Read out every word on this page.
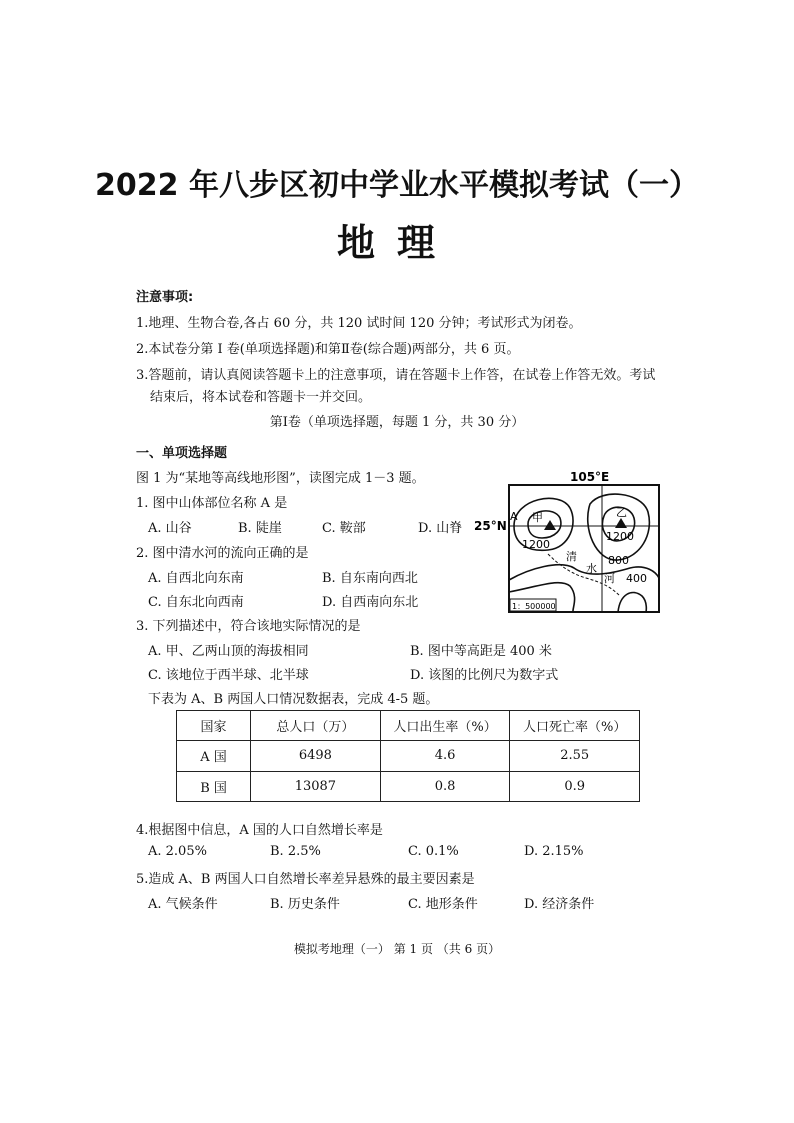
2022 年八步区初中学业水平模拟考试（一）
地理
注意事项:
1.地理、生物合卷,各占 60 分，共 120 试时间 120 分钟；考试形式为闭卷。
2.本试卷分第 I 卷(单项选择题)和第Ⅱ卷(综合题)两部分，共 6 页。
3.答题前，请认真阅读答题卡上的注意事项，请在答题卡上作答，在试卷上作答无效。考试
结束后，将本试卷和答题卡一并交回。
第Ⅰ卷（单项选择题，每题 1 分，共 30 分）
一、单项选择题
图 1 为“某地等高线地形图”，读图完成 1－3 题。
1. 图中山体部位名称 A 是
A. 山谷	B. 陡崖	C. 鞍部	D. 山脊
2. 图中清水河的流向正确的是
A. 自西北向东南	B. 自东南向西北
C. 自东北向西南	D. 自西南向东北
3. 下列描述中，符合该地实际情况的是
A. 甲、乙两山顶的海拔相同	B. 图中等高距是 400 米
C. 该地位于西半球、北半球	D. 该图的比例尺为数字式
下表为 A、B 两国人口情况数据表，完成 4-5 题。
国家	总人口（万）	人口出生率（%）	人口死亡率（%）
A 国	6498	4.6	2.55
B 国	13087	0.8	0.9
4.根据图中信息，A 国的人口自然增长率是
A. 2.05%	B. 2.5%	C. 0.1%	D. 2.15%
5.造成 A、B 两国人口自然增长率差异悬殊的最主要因素是
A. 气候条件	B. 历史条件	C. 地形条件	D. 经济条件
105°E
25°N
A 甲	乙
1200
1200
800
400
清
水
河
1：500000
模拟考地理（一） 第 1 页 （共 6 页）
